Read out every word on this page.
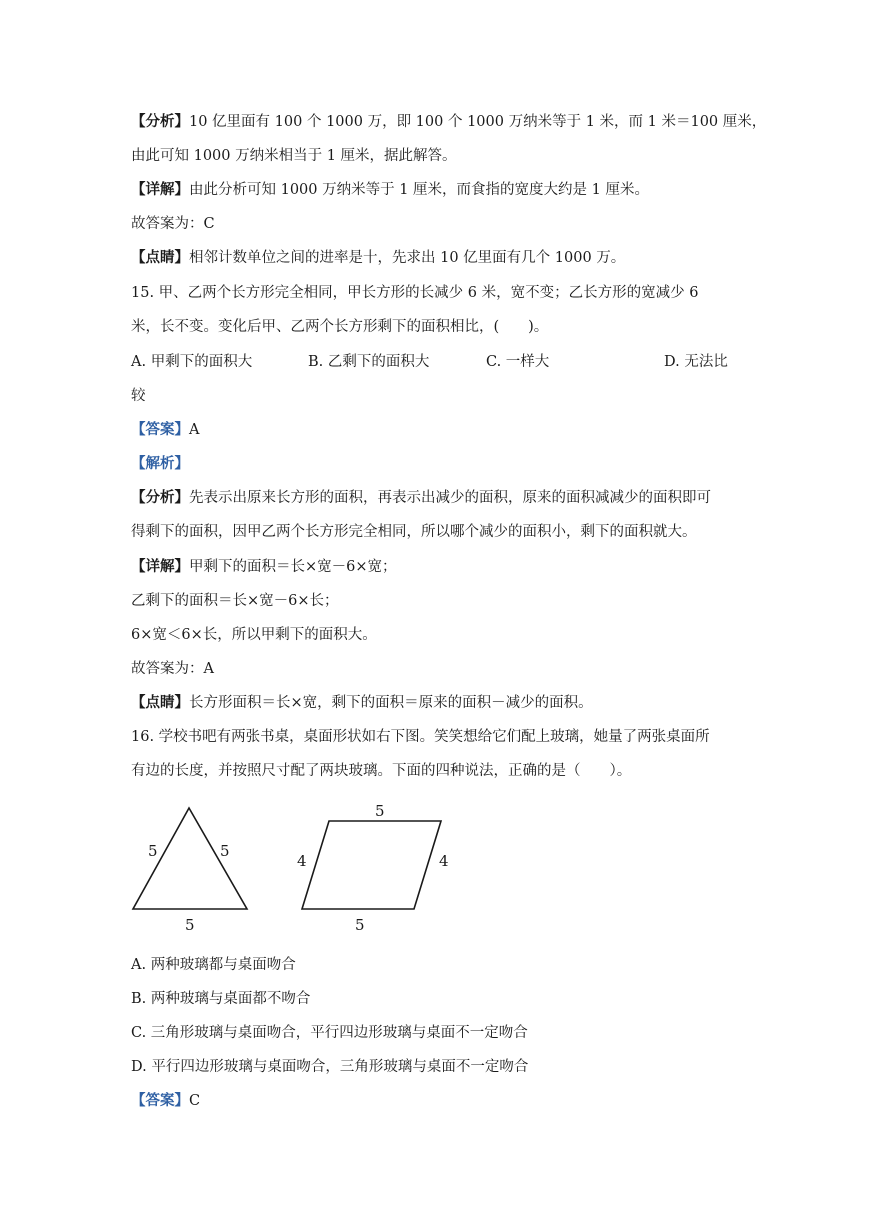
【分析】10 亿里面有 100 个 1000 万，即 100 个 1000 万纳米等于 1 米，而 1 米＝100 厘米，
由此可知 1000 万纳米相当于 1 厘米，据此解答。
【详解】由此分析可知 1000 万纳米等于 1 厘米，而食指的宽度大约是 1 厘米。
故答案为：C
【点睛】相邻计数单位之间的进率是十，先求出 10 亿里面有几个 1000 万。
15. 甲、乙两个长方形完全相同，甲长方形的长减少 6 米，宽不变；乙长方形的宽减少 6
米，长不变。变化后甲、乙两个长方形剩下的面积相比，(　　)。
A. 甲剩下的面积大	B. 乙剩下的面积大	C. 一样大	D. 无法比
较
【答案】A
【解析】
【分析】先表示出原来长方形的面积，再表示出减少的面积，原来的面积减减少的面积即可
得剩下的面积，因甲乙两个长方形完全相同，所以哪个减少的面积小，剩下的面积就大。
【详解】甲剩下的面积＝长×宽－6×宽；
乙剩下的面积＝长×宽－6×长；
6×宽＜6×长，所以甲剩下的面积大。
故答案为：A
【点睛】长方形面积＝长×宽，剩下的面积＝原来的面积－减少的面积。
16. 学校书吧有两张书桌，桌面形状如右下图。笑笑想给它们配上玻璃，她量了两张桌面所
有边的长度，并按照尺寸配了两块玻璃。下面的四种说法，正确的是（　　）。
5	5
5
5
4	4
5
A. 两种玻璃都与桌面吻合
B. 两种玻璃与桌面都不吻合
C. 三角形玻璃与桌面吻合，平行四边形玻璃与桌面不一定吻合
D. 平行四边形玻璃与桌面吻合，三角形玻璃与桌面不一定吻合
【答案】C
